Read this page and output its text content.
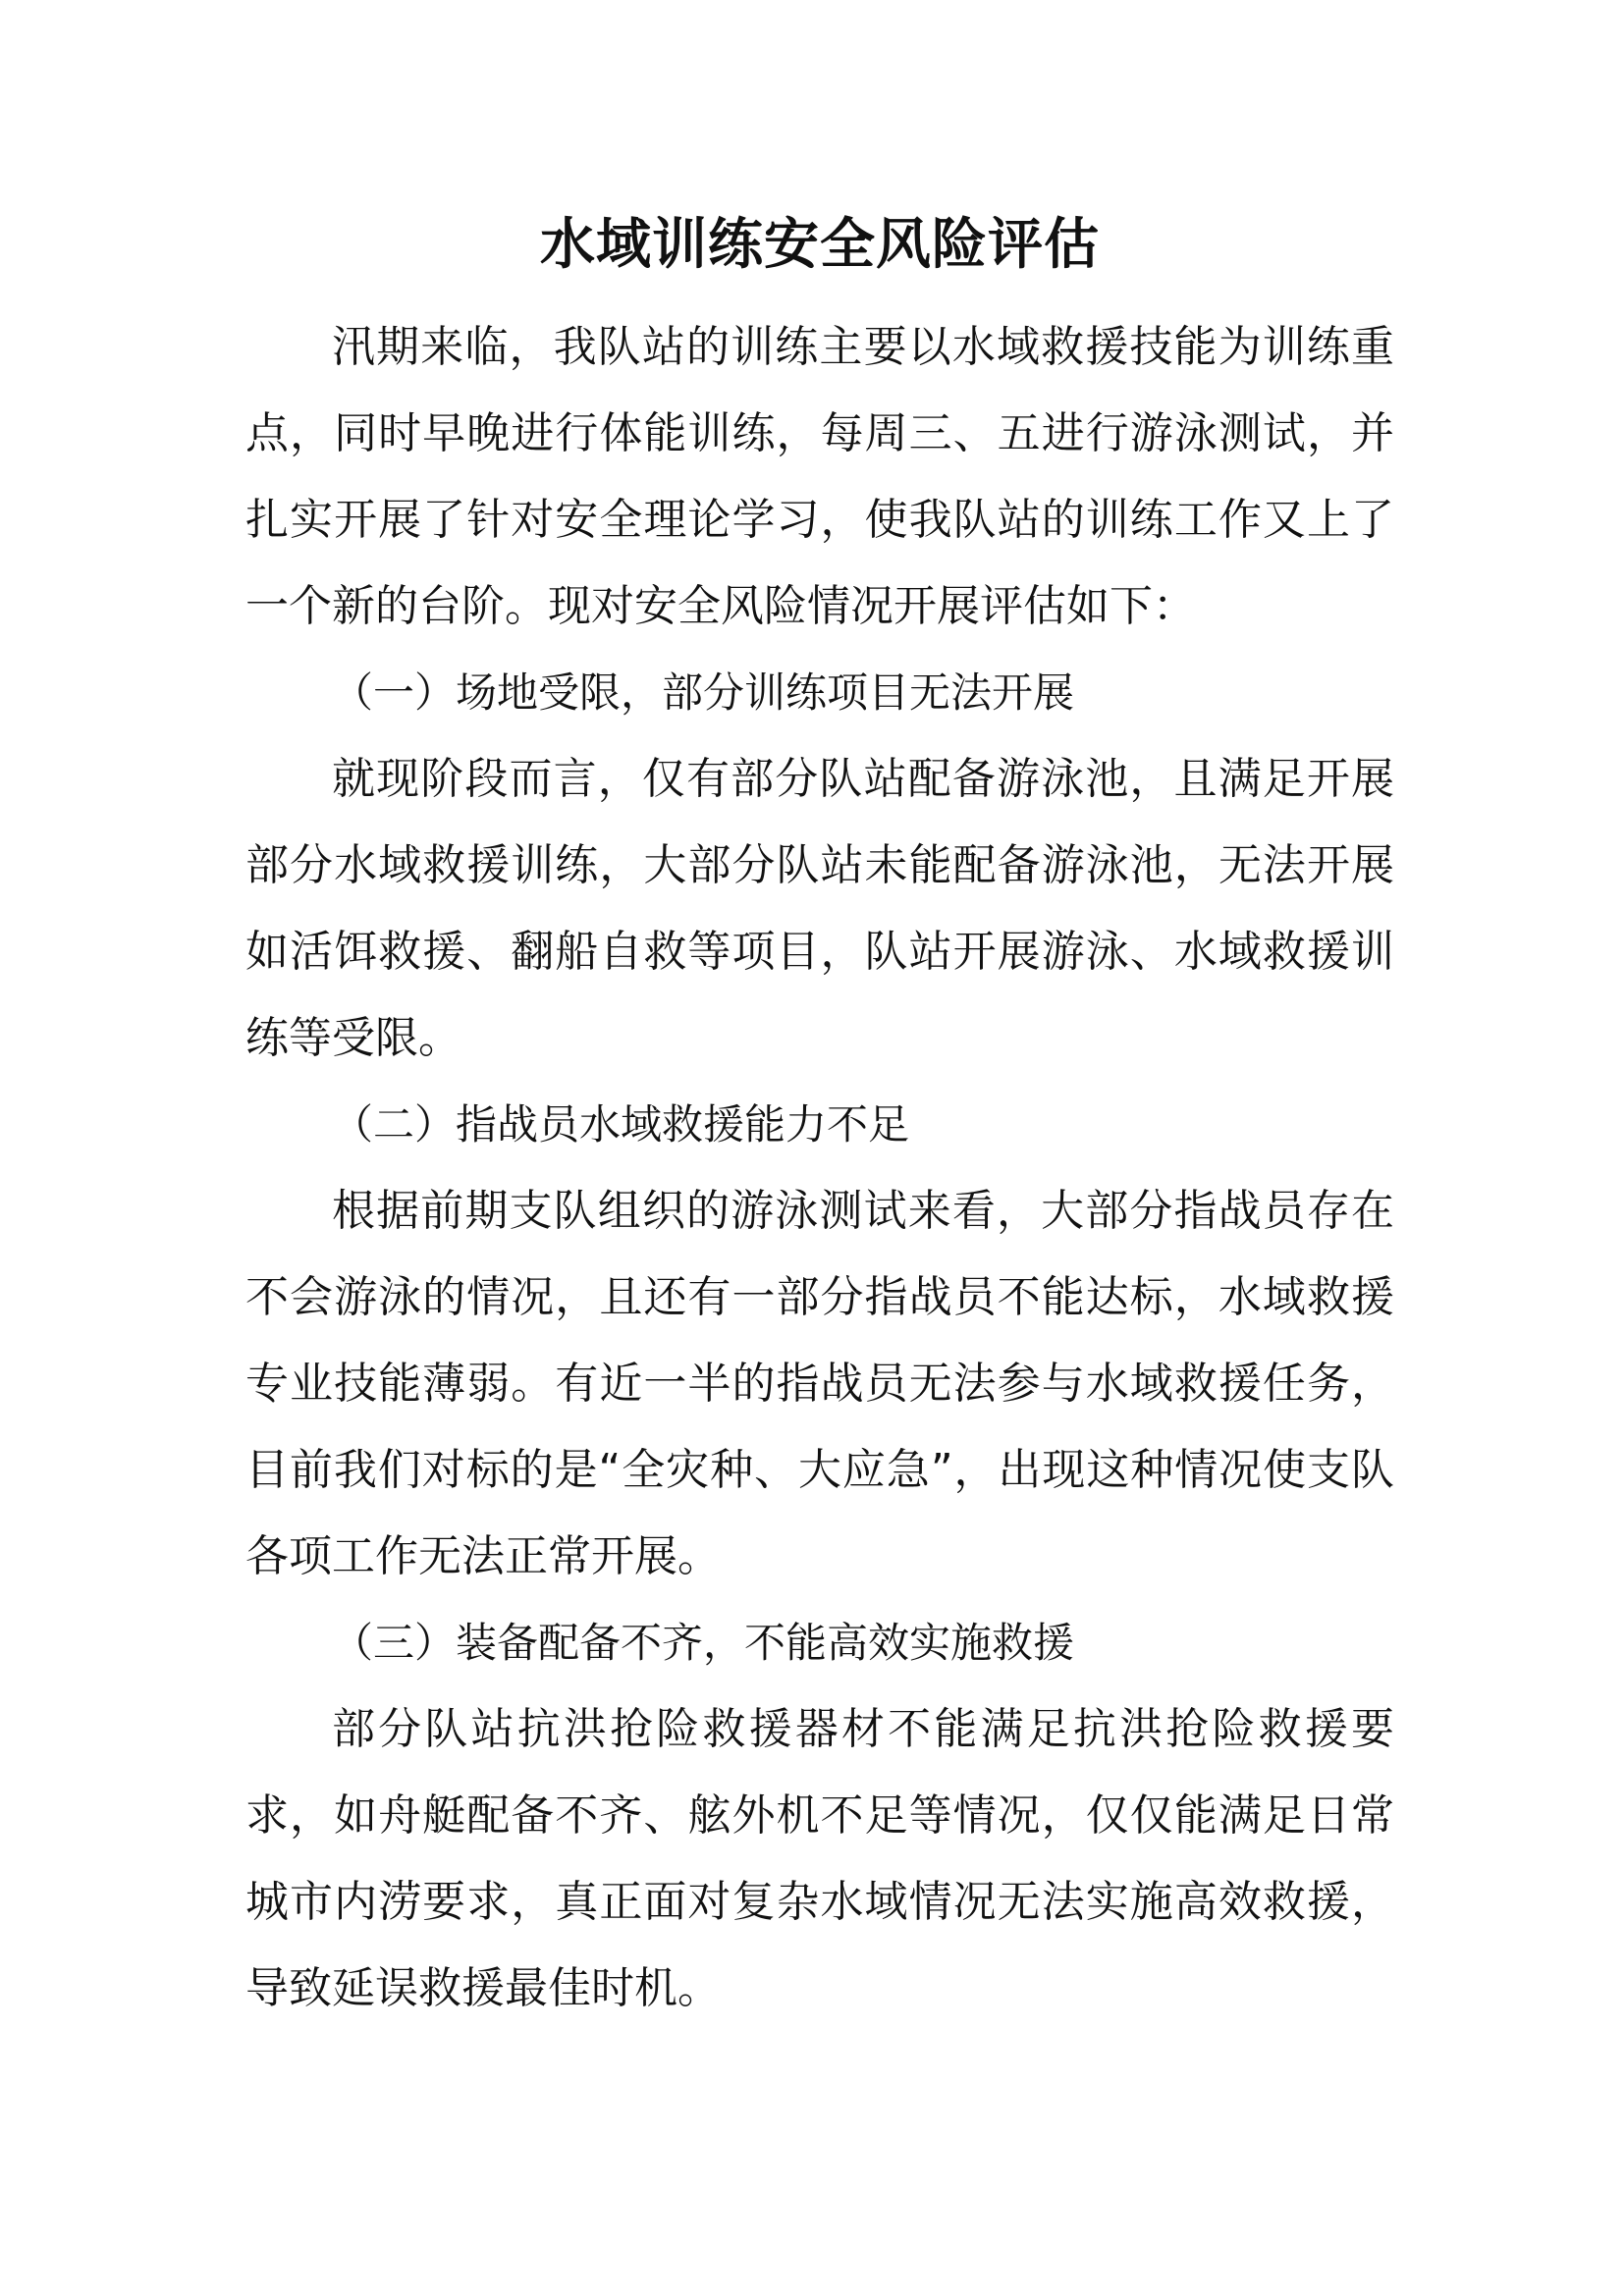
水域训练安全风险评估

汛期来临，我队站的训练主要以水域救援技能为训练重点，同时早晚进行体能训练，每周三、五进行游泳测试，并扎实开展了针对安全理论学习，使我队站的训练工作又上了一个新的台阶。现对安全风险情况开展评估如下：

（一）场地受限，部分训练项目无法开展

就现阶段而言，仅有部分队站配备游泳池，且满足开展部分水域救援训练，大部分队站未能配备游泳池，无法开展如活饵救援、翻船自救等项目，队站开展游泳、水域救援训练等受限。

（二）指战员水域救援能力不足

根据前期支队组织的游泳测试来看，大部分指战员存在不会游泳的情况，且还有一部分指战员不能达标，水域救援专业技能薄弱。有近一半的指战员无法参与水域救援任务，目前我们对标的是“全灾种、大应急”，出现这种情况使支队各项工作无法正常开展。

（三）装备配备不齐，不能高效实施救援

部分队站抗洪抢险救援器材不能满足抗洪抢险救援要求，如舟艇配备不齐、舷外机不足等情况，仅仅能满足日常城市内涝要求，真正面对复杂水域情况无法实施高效救援，导致延误救援最佳时机。
